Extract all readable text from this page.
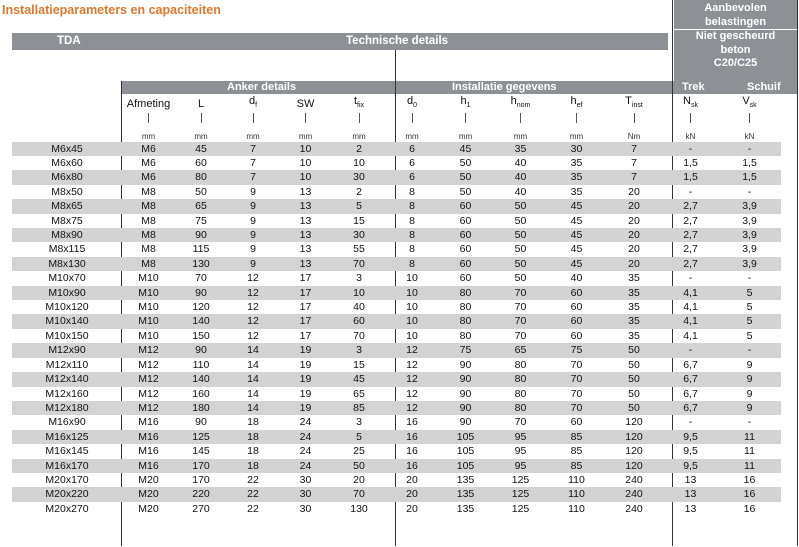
Installatieparameters en capaciteiten
TDA	Technische details
Aanbevolen
belastingen
Niet gescheurd
beton
C20/C25
Anker details	Installatie gegevens	Trek	Schuif
	Afmeting	L	$d_f$	SW	$t_{fix}$	$d_0$	$h_1$	$h_{nom}$	$h_{ef}$	$T_{inst}$	$N_{sk}$	$V_{sk}$

	mm	mm	mm	mm	mm	mm	mm	mm	mm	Nm	kN	kN
M6x45	M6	45	7	10	2	6	45	35	30	7	-	-
M6x60	M6	60	7	10	10	6	50	40	35	7	1,5	1,5
M6x80	M6	80	7	10	30	6	50	40	35	7	1,5	1,5
M8x50	M8	50	9	13	2	8	50	40	35	20	-	-
M8x65	M8	65	9	13	5	8	60	50	45	20	2,7	3,9
M8x75	M8	75	9	13	15	8	60	50	45	20	2,7	3,9
M8x90	M8	90	9	13	30	8	60	50	45	20	2,7	3,9
M8x115	M8	115	9	13	55	8	60	50	45	20	2,7	3,9
M8x130	M8	130	9	13	70	8	60	50	45	20	2,7	3,9
M10x70	M10	70	12	17	3	10	60	50	40	35	-	-
M10x90	M10	90	12	17	10	10	80	70	60	35	4,1	5
M10x120	M10	120	12	17	40	10	80	70	60	35	4,1	5
M10x140	M10	140	12	17	60	10	80	70	60	35	4,1	5
M10x150	M10	150	12	17	70	10	80	70	60	35	4,1	5
M12x90	M12	90	14	19	3	12	75	65	75	50	-	-
M12x110	M12	110	14	19	15	12	90	80	70	50	6,7	9
M12x140	M12	140	14	19	45	12	90	80	70	50	6,7	9
M12x160	M12	160	14	19	65	12	90	80	70	50	6,7	9
M12x180	M12	180	14	19	85	12	90	80	70	50	6,7	9
M16x90	M16	90	18	24	3	16	90	70	60	120	-	-
M16x125	M16	125	18	24	5	16	105	95	85	120	9,5	11
M16x145	M16	145	18	24	25	16	105	95	85	120	9,5	11
M16x170	M16	170	18	24	50	16	105	95	85	120	9,5	11
M20x170	M20	170	22	30	20	20	135	125	110	240	13	16
M20x220	M20	220	22	30	70	20	135	125	110	240	13	16
M20x270	M20	270	22	30	130	20	135	125	110	240	13	16
